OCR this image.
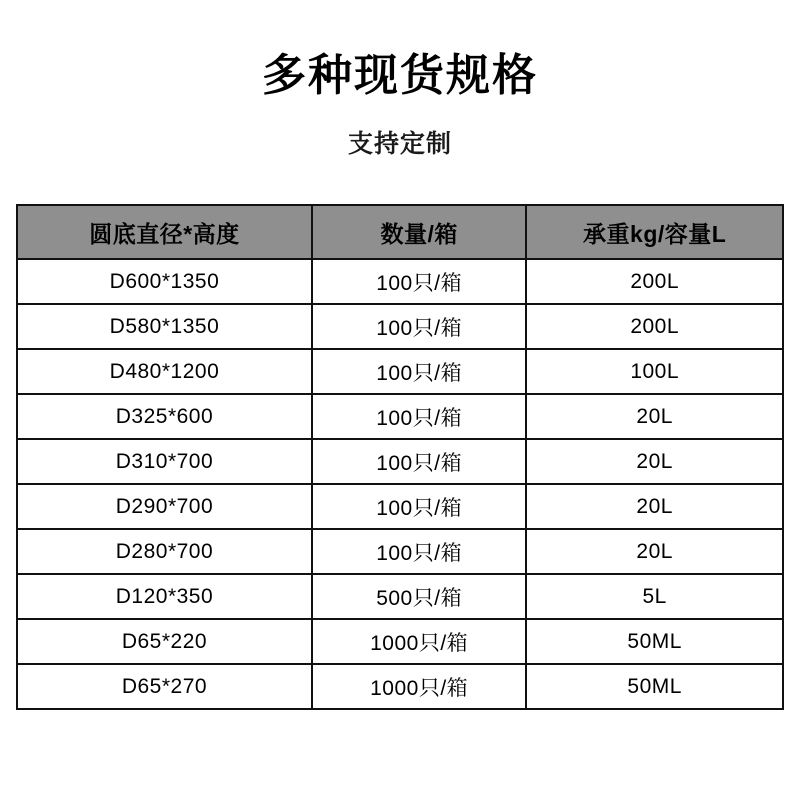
多种现货规格
支持定制
圆底直径*高度	数量/箱	承重kg/容量L
D600*1350	100只/箱	200L
D580*1350	100只/箱	200L
D480*1200	100只/箱	100L
D325*600	100只/箱	20L
D310*700	100只/箱	20L
D290*700	100只/箱	20L
D280*700	100只/箱	20L
D120*350	500只/箱	5L
D65*220	1000只/箱	50ML
D65*270	1000只/箱	50ML
